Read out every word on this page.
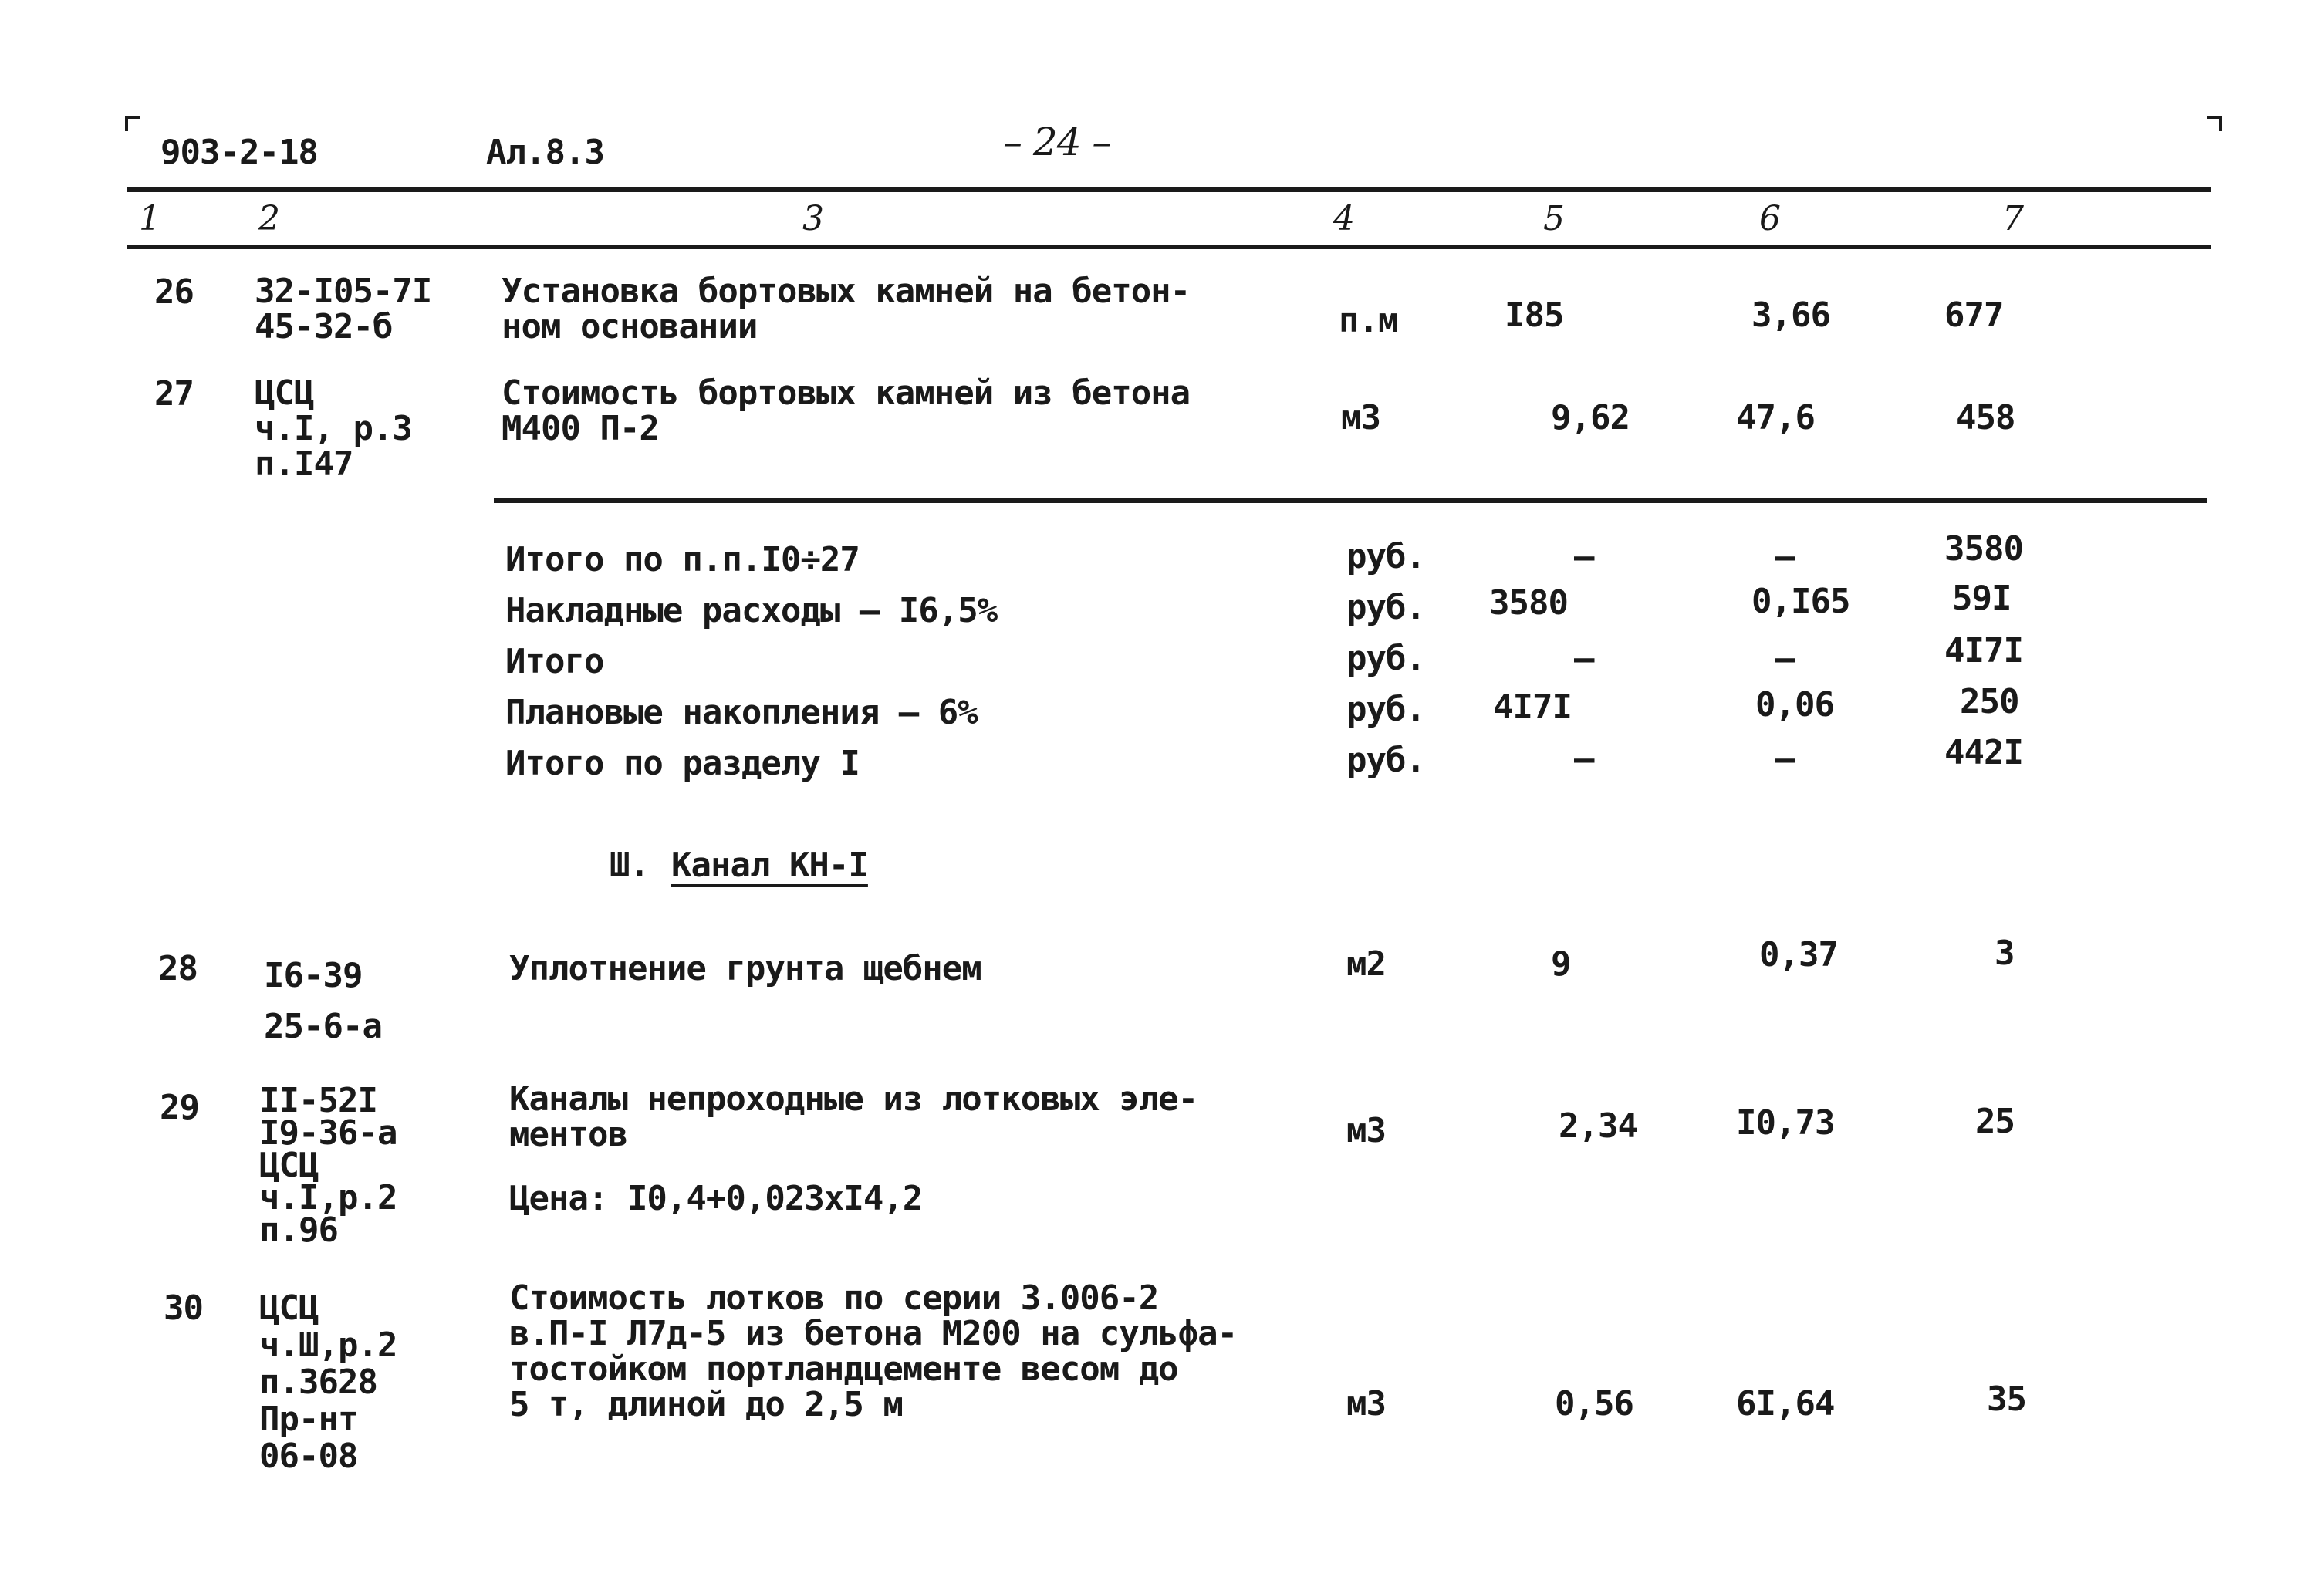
903-2-18	Ал.8.3	– 24 –
1	2	3	4	5	6	7
26 32-I05-7I
45-32-б
Установка бортовых камней на бетон-
ном основании	п.м	I85	3,66	677
27 ЦСЦ
ч.I, р.3
п.I47
Стоимость бортовых камней из бетона
М400 П-2	м3	9,62	47,6	458
Итого по п.п.I0÷27	руб.	–	–	3580
Накладные расходы – I6,5%	руб. 3580	0,I65	59I
Итого	руб.	–	–	4I7I
Плановые накопления – 6%	руб. 4I7I	0,06	250
Итого по разделу I	руб.	–	–	442I
Ш. Канал КН-I
28 I6-39
25-6-а
Уплотнение грунта щебнем	м2	9	0,37	3
29 II-52I
I9-36-а
ЦСЦ
ч.I,р.2
п.96
Каналы непроходные из лотковых эле-
ментов
Цена: I0,4+0,023хI4,2
м3	2,34	I0,73	25
30 ЦСЦ
ч.Ш,р.2
п.3628
Пр-нт
06-08
Стоимость лотков по серии 3.006-2
в.П-I Л7д-5 из бетона М200 на сульфа-
тостойком портландцементе весом до
5 т, длиной до 2,5 м	м3	0,56	6I,64	35
